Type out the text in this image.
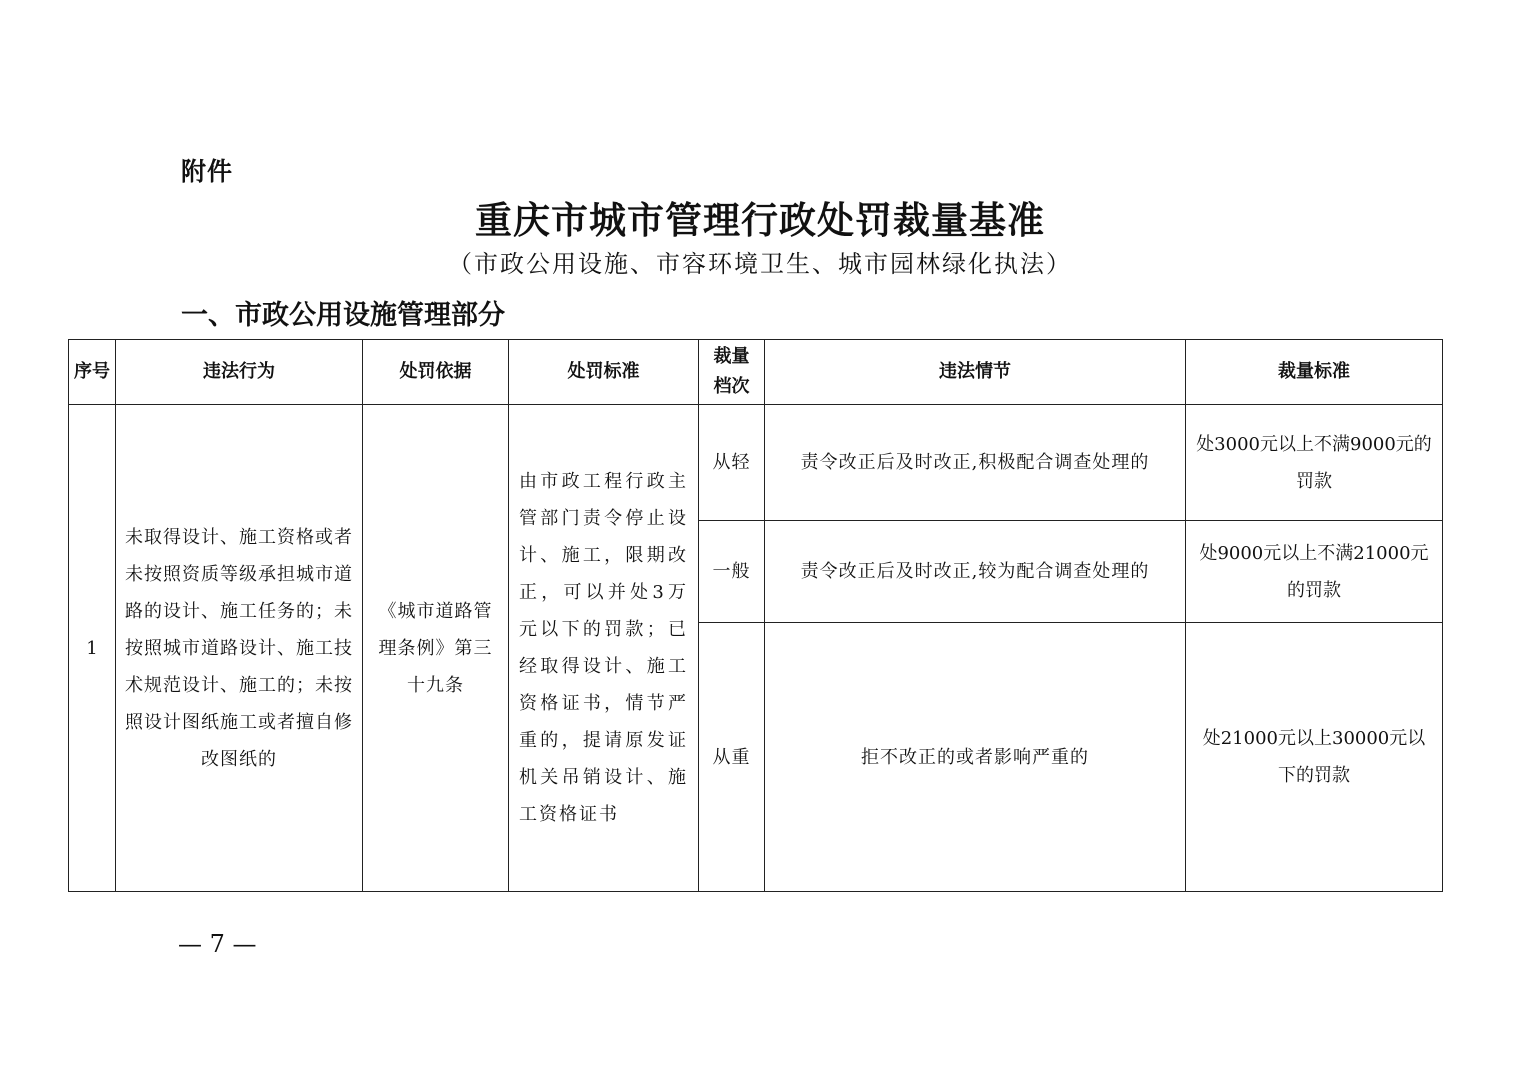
附件
重庆市城市管理行政处罚裁量基准
（市政公用设施、市容环境卫生、城市园林绿化执法）
一、市政公用设施管理部分
序号	违法行为	处罚依据	处罚标准	裁量档次	违法情节	裁量标准
1	未取得设计、施工资格或者未按照资质等级承担城市道路的设计、施工任务的；未按照城市道路设计、施工技术规范设计、施工的；未按照设计图纸施工或者擅自修改图纸的	《城市道路管理条例》第三十九条	由市政工程行政主管部门责令停止设计、施工，限期改正，可以并处3万元以下的罚款；已经取得设计、施工资格证书，情节严重的，提请原发证机关吊销设计、施工资格证书	从轻	责令改正后及时改正,积极配合调查处理的	处3000元以上不满9000元的罚款
				一般	责令改正后及时改正,较为配合调查处理的	处9000元以上不满21000元的罚款
				从重	拒不改正的或者影响严重的	处21000元以上30000元以下的罚款
— 7 —
